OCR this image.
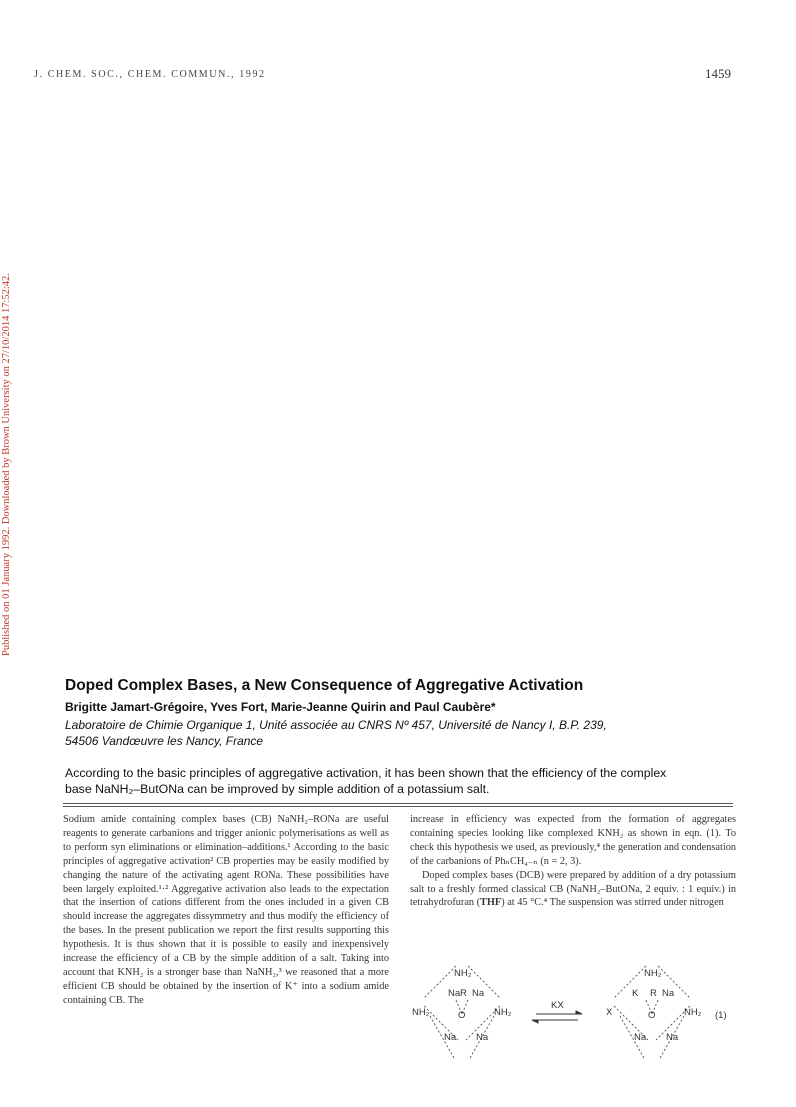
J. CHEM. SOC., CHEM. COMMUN., 1992	1459
Published on 01 January 1992. Downloaded by Brown University on 27/10/2014 17:52:42.
Doped Complex Bases, a New Consequence of Aggregative Activation
Brigitte Jamart-Grégoire, Yves Fort, Marie-Jeanne Quirin and Paul Caubère*
Laboratoire de Chimie Organique 1, Unité associée au CNRS Nº 457, Université de Nancy I, B.P. 239,
54506 Vandœuvre les Nancy, France
According to the basic principles of aggregative activation, it has been shown that the efficiency of the complex
base NaNH₂–ButONa can be improved by simple addition of a potassium salt.

Sodium amide containing complex bases (CB) NaNH₂–RONa are useful reagents to generate carbanions and trigger anionic polymerisations as well as to perform syn eliminations or elimination–additions.¹ According to the basic principles of aggregative activation² CB properties may be easily modified by changing the nature of the activating agent RONa. These possibilities have been largely exploited.¹·² Aggregative activation also leads to the expectation that the insertion of cations different from the ones included in a given CB should increase the aggregates dissymmetry and thus modify the efficiency of the bases. In the present publication we report the first results supporting this hypothesis. It is thus shown that it is possible to easily and inexpensively increase the efficiency of a CB by the simple addition of a salt. Taking into account that KNH₂ is a stronger base than NaNH₂,³ we reasoned that a more efficient CB should be obtained by the insertion of K⁺ into a sodium amide containing CB. The

increase in efficiency was expected from the formation of aggregates containing species looking like complexed KNH₂ as shown in eqn. (1). To check this hypothesis we used, as previously,⁴ the generation and condensation of the carbanions of PhₙCH₄₋ₙ (n = 2, 3).

Doped complex bases (DCB) were prepared by addition of a dry potassium salt to a freshly formed classical CB (NaNH₂–ButONa, 2 equiv. : 1 equiv.) in tetrahydrofuran (THF) at 45 °C.⁴ The suspension was stirred under nitrogen

NH₂
Na R Na
NH₂	O	NH₂
Na Na
KX
NH₂
K R Na
X	O	NH₂
Na Na
(1)
